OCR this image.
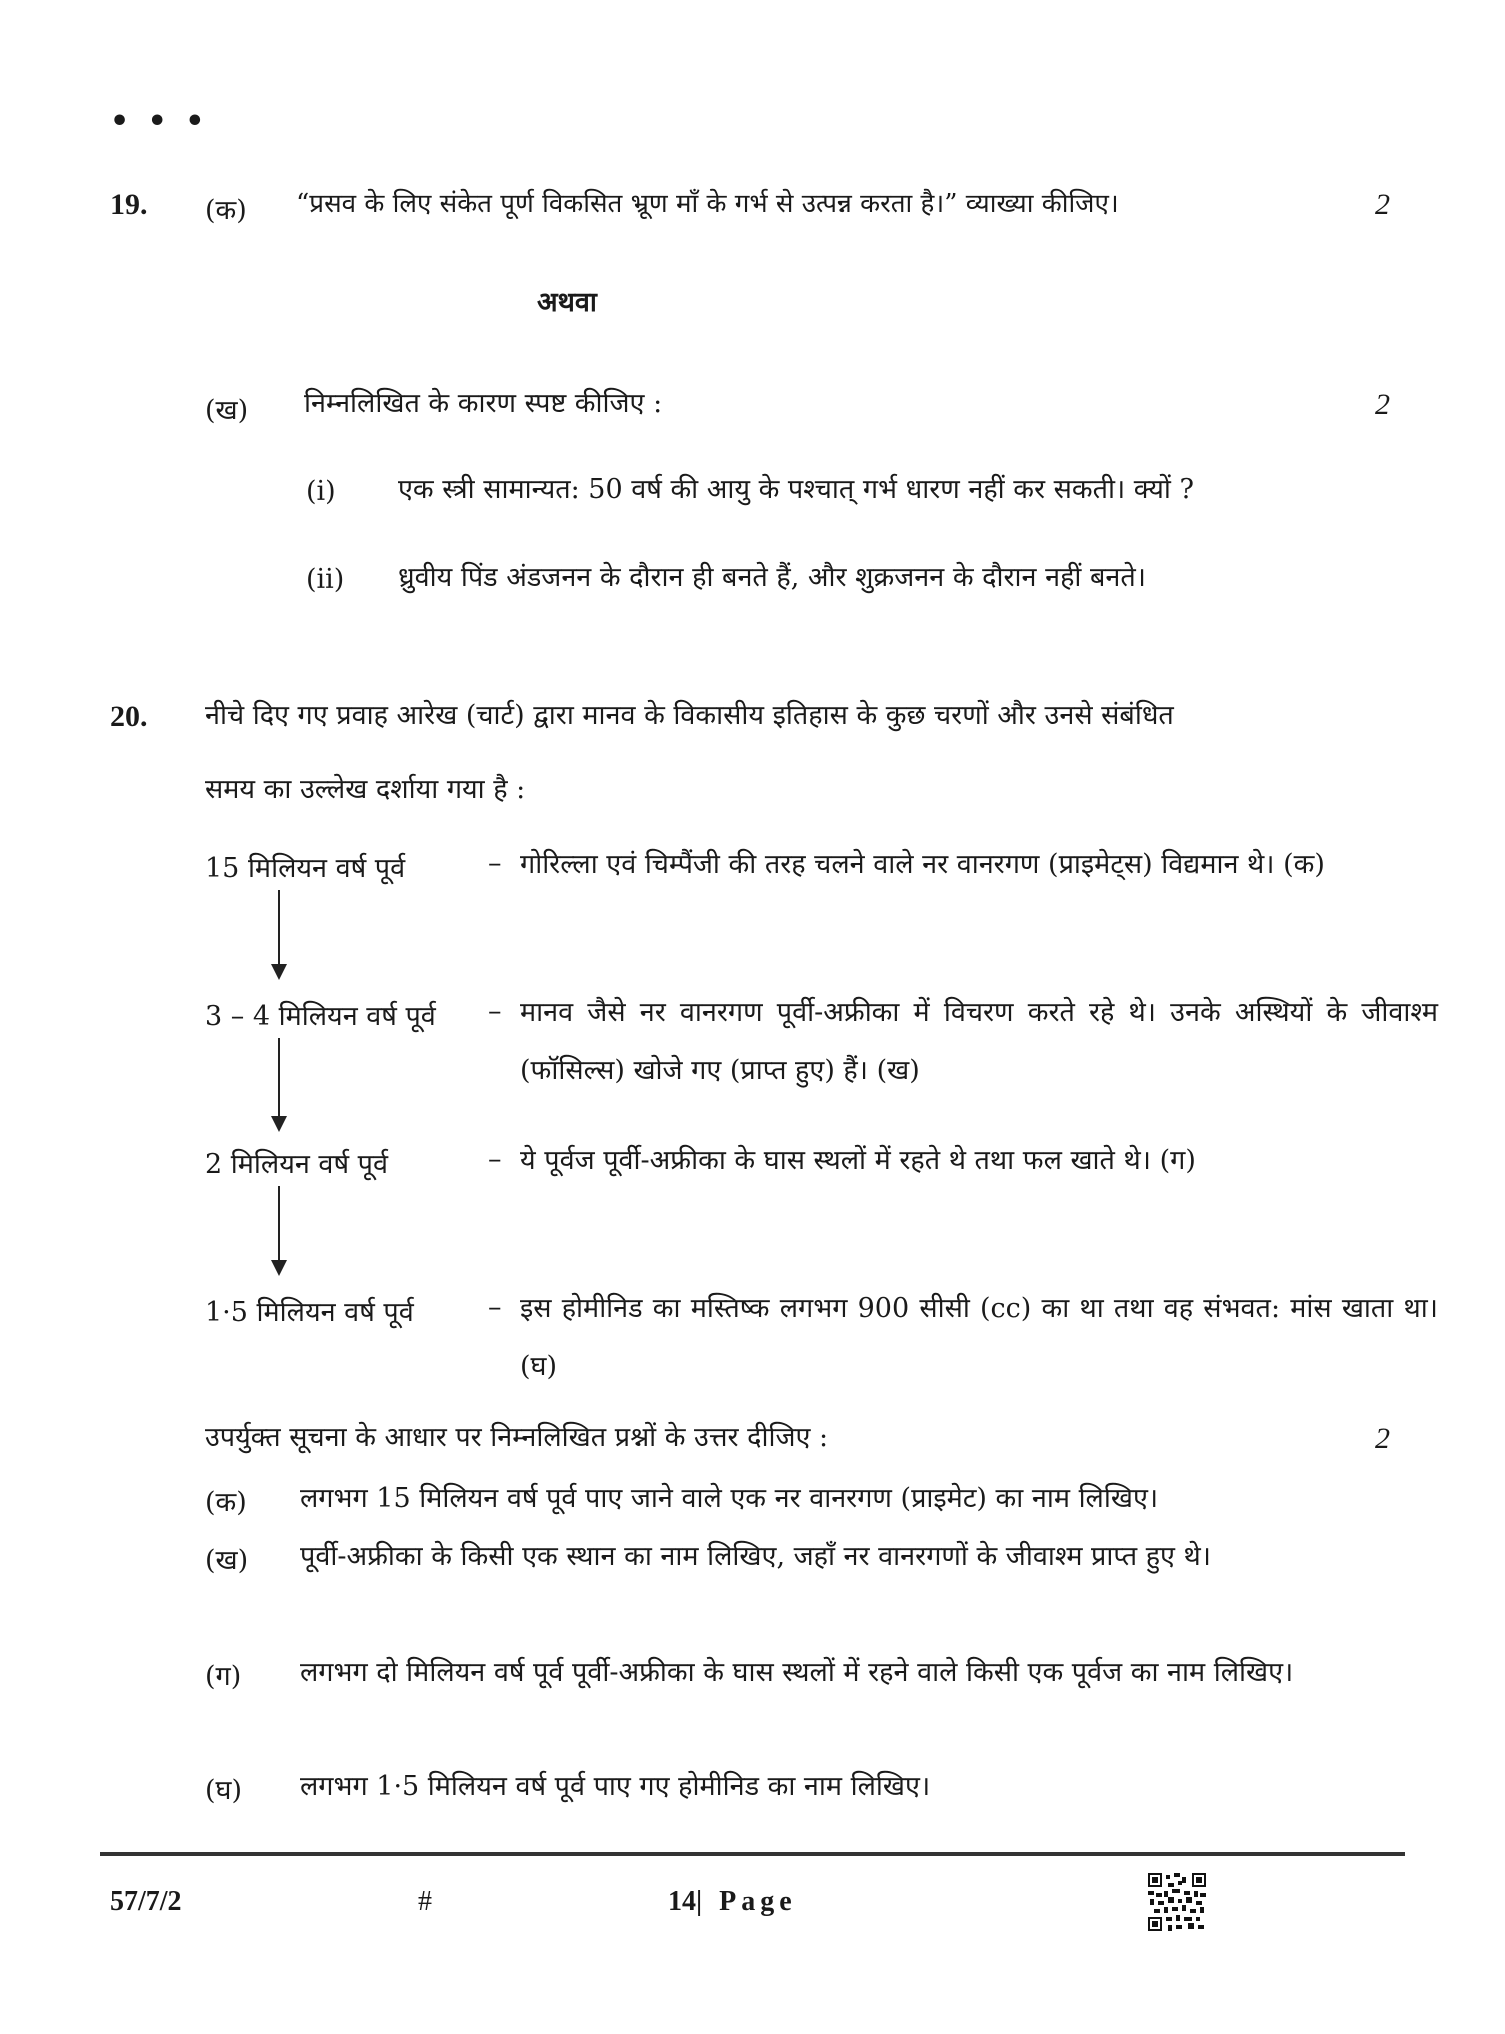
• • •
19. (क) “प्रसव के लिए संकेत पूर्ण विकसित भ्रूण माँ के गर्भ से उत्पन्न करता है।” व्याख्या कीजिए।	2
अथवा
(ख) निम्नलिखित के कारण स्पष्ट कीजिए :	2
(i) एक स्त्री सामान्यत: 50 वर्ष की आयु के पश्चात् गर्भ धारण नहीं कर सकती। क्यों ?
(ii) ध्रुवीय पिंड अंडजनन के दौरान ही बनते हैं, और शुक्रजनन के दौरान नहीं बनते।
20. नीचे दिए गए प्रवाह आरेख (चार्ट) द्वारा मानव के विकासीय इतिहास के कुछ चरणों और उनसे संबंधित
समय का उल्लेख दर्शाया गया है :
15 मिलियन वर्ष पूर्व	– गोरिल्ला एवं चिम्पैंजी की तरह चलने वाले नर वानरगण (प्राइमेट्स) विद्यमान थे। (क)
3 – 4 मिलियन वर्ष पूर्व – मानव जैसे नर वानरगण पूर्वी-अफ्रीका में विचरण करते रहे थे। उनके अस्थियों के जीवाश्म (फॉसिल्स) खोजे गए (प्राप्त हुए) हैं। (ख)
2 मिलियन वर्ष पूर्व	– ये पूर्वज पूर्वी-अफ्रीका के घास स्थलों में रहते थे तथा फल खाते थे। (ग)
1·5 मिलियन वर्ष पूर्व	– इस होमीनिड का मस्तिष्क लगभग 900 सीसी (cc) का था तथा वह संभवत: मांस खाता था। (घ)
उपर्युक्त सूचना के आधार पर निम्नलिखित प्रश्नों के उत्तर दीजिए :	2
(क) लगभग 15 मिलियन वर्ष पूर्व पाए जाने वाले एक नर वानरगण (प्राइमेट) का नाम लिखिए।
(ख) पूर्वी-अफ्रीका के किसी एक स्थान का नाम लिखिए, जहाँ नर वानरगणों के जीवाश्म प्राप्त हुए थे।
(ग) लगभग दो मिलियन वर्ष पूर्व पूर्वी-अफ्रीका के घास स्थलों में रहने वाले किसी एक पूर्वज का नाम लिखिए।
(घ) लगभग 1·5 मिलियन वर्ष पूर्व पाए गए होमीनिड का नाम लिखिए।
57/7/2	#	14| Page
